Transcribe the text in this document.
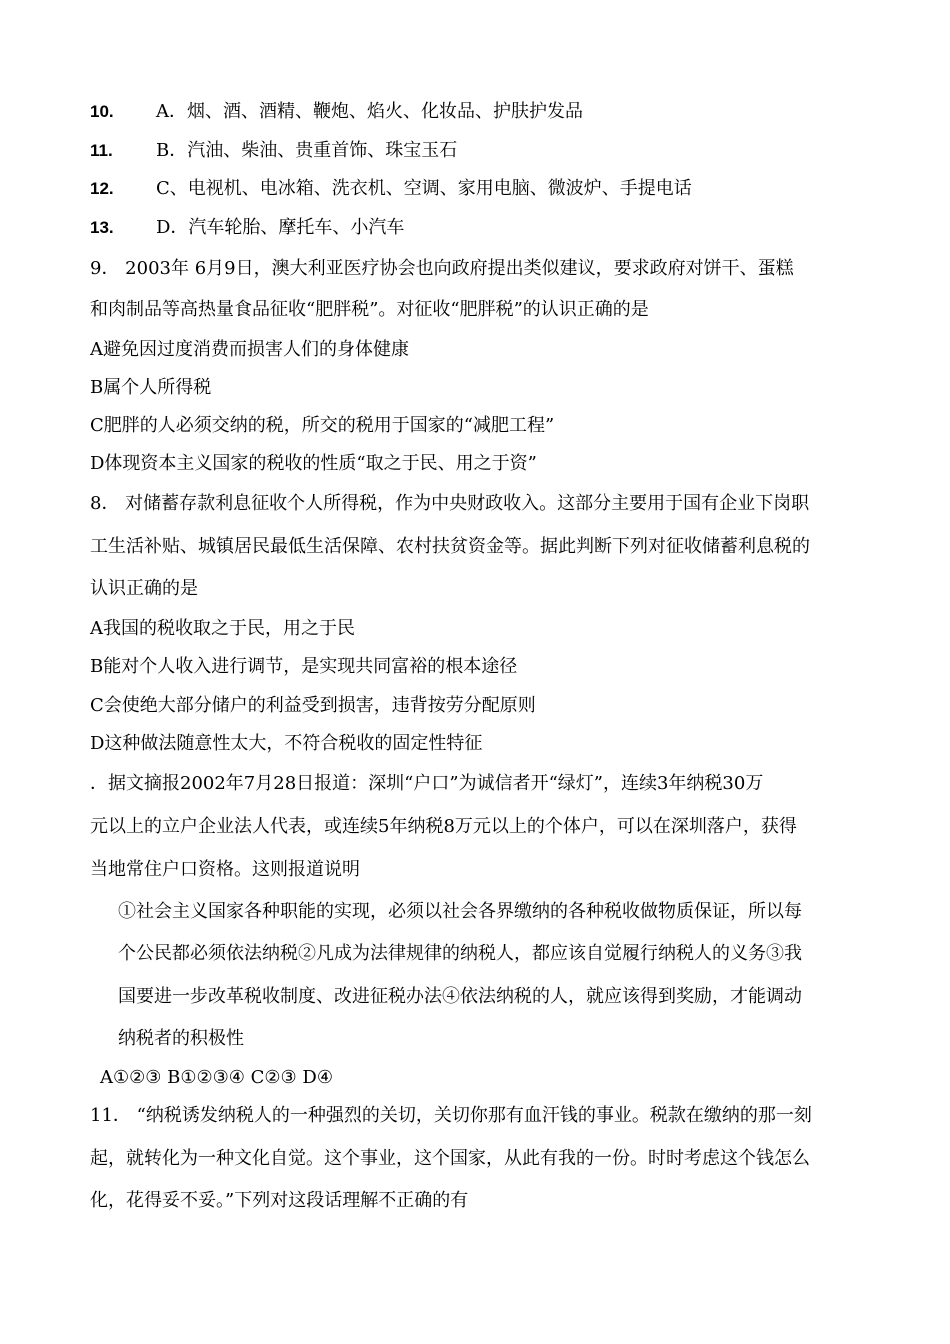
10. A．烟、酒、酒精、鞭炮、焰火、化妆品、护肤护发品
11. B．汽油、柴油、贵重首饰、珠宝玉石
12. C、电视机、电冰箱、洗衣机、空调、家用电脑、微波炉、手提电话
13. D．汽车轮胎、摩托车、小汽车
9． 2003年 6月9日，澳大利亚医疗协会也向政府提出类似建议，要求政府对饼干、蛋糕
和肉制品等高热量食品征收“肥胖税”。对征收“肥胖税”的认识正确的是
A避免因过度消费而损害人们的身体健康
B属个人所得税
C肥胖的人必须交纳的税，所交的税用于国家的“减肥工程”
D体现资本主义国家的税收的性质“取之于民、用之于资”
8． 对储蓄存款利息征收个人所得税，作为中央财政收入。这部分主要用于国有企业下岗职
工生活补贴、城镇居民最低生活保障、农村扶贫资金等。据此判断下列对征收储蓄利息税的
认识正确的是
A我国的税收取之于民，用之于民
B能对个人收入进行调节，是实现共同富裕的根本途径
C会使绝大部分储户的利益受到损害，违背按劳分配原则
D这种做法随意性太大，不符合税收的固定性特征
．据文摘报2002年7月28日报道：深圳“户口”为诚信者开“绿灯”，连续3年纳税30万
元以上的立户企业法人代表，或连续5年纳税8万元以上的个体户，可以在深圳落户，获得
当地常住户口资格。这则报道说明
①社会主义国家各种职能的实现，必须以社会各界缴纳的各种税收做物质保证，所以每
个公民都必须依法纳税②凡成为法律规律的纳税人，都应该自觉履行纳税人的义务③我
国要进一步改革税收制度、改进征税办法④依法纳税的人，就应该得到奖励，才能调动
纳税者的积极性
A①②③ B①②③④ C②③ D④
11． “纳税诱发纳税人的一种强烈的关切，关切你那有血汗钱的事业。税款在缴纳的那一刻
起，就转化为一种文化自觉。这个事业，这个国家，从此有我的一份。时时考虑这个钱怎么
化，花得妥不妥。”下列对这段话理解不正确的有
